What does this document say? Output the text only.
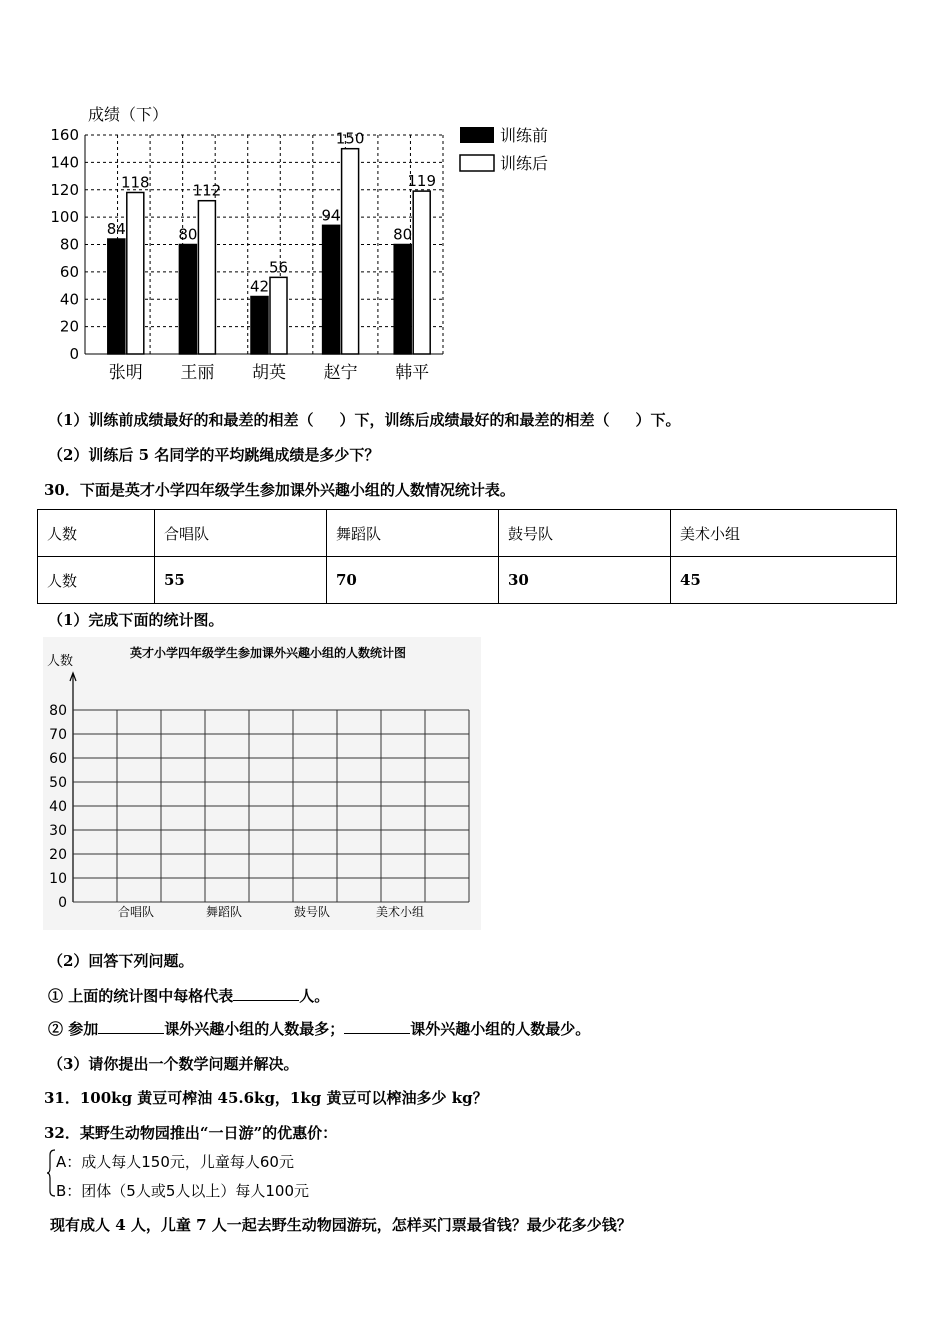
成绩（下）
0
20
40
60
80
100
120
140
160
84
118
80
112
42
56
94
150
80
119
张明 王丽 胡英 赵宁 韩平
训练前
训练后
（1）训练前成绩最好的和最差的相差（ ）下，训练后成绩最好的和最差的相差（ ）下。
（2）训练后 5 名同学的平均跳绳成绩是多少下？
30．下面是英才小学四年级学生参加课外兴趣小组的人数情况统计表。
人数	合唱队	舞蹈队	鼓号队	美术小组
人数	55	70	30	45
（1）完成下面的统计图。
英才小学四年级学生参加课外兴趣小组的人数统计图
人数
0
10
20
30
40
50
60
70
80
合唱队	舞蹈队	鼓号队	美术小组
（2）回答下列问题。
① 上面的统计图中每格代表	人。
② 参加	课外兴趣小组的人数最多；	课外兴趣小组的人数最少。
（3）请你提出一个数学问题并解决。
31．100kg 黄豆可榨油 45.6kg，1kg 黄豆可以榨油多少 kg？
32．某野生动物园推出“一日游”的优惠价：
A：成人每人150元，儿童每人60元
B：团体（5人或5人以上）每人100元
现有成人 4 人，儿童 7 人一起去野生动物园游玩，怎样买门票最省钱？最少花多少钱？
